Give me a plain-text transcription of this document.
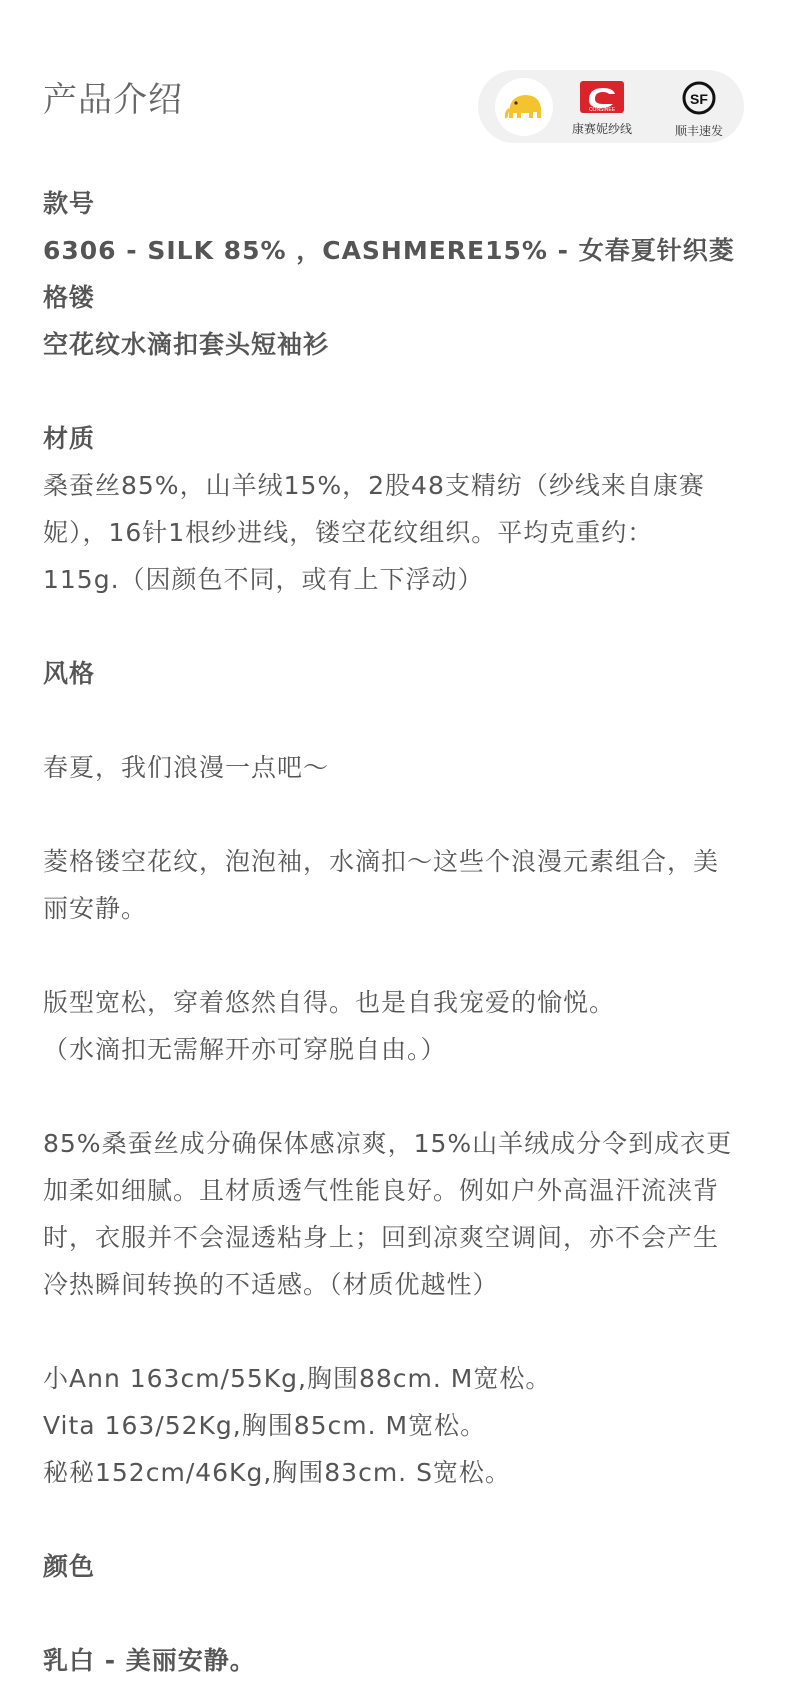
产品介绍	CONSINEE
康赛妮纱线
SF
顺丰速发

款号

6306 - SILK 85% ，CASHMERE15% - 女春夏针织菱格镂

空花纹水滴扣套头短袖衫

材质

桑蚕丝85%，山羊绒15%，2股48支精纺（纱线来自康赛

妮），16针1根纱进线，镂空花纹组织。平均克重约：

115g.（因颜色不同，或有上下浮动）

风格

春夏，我们浪漫一点吧～

菱格镂空花纹，泡泡袖，水滴扣～这些个浪漫元素组合，美

丽安静。

版型宽松，穿着悠然自得。也是自我宠爱的愉悦。

（水滴扣无需解开亦可穿脱自由。）

85%桑蚕丝成分确保体感凉爽，15%山羊绒成分令到成衣更

加柔如细腻。且材质透气性能良好。例如户外高温汗流浃背

时，衣服并不会湿透粘身上；回到凉爽空调间，亦不会产生

冷热瞬间转换的不适感。（材质优越性）

小Ann 163cm/55Kg,胸围88cm. M宽松。

Vita 163/52Kg,胸围85cm. M宽松。

秘秘152cm/46Kg,胸围83cm. S宽松。

颜色

乳白 - 美丽安静。
